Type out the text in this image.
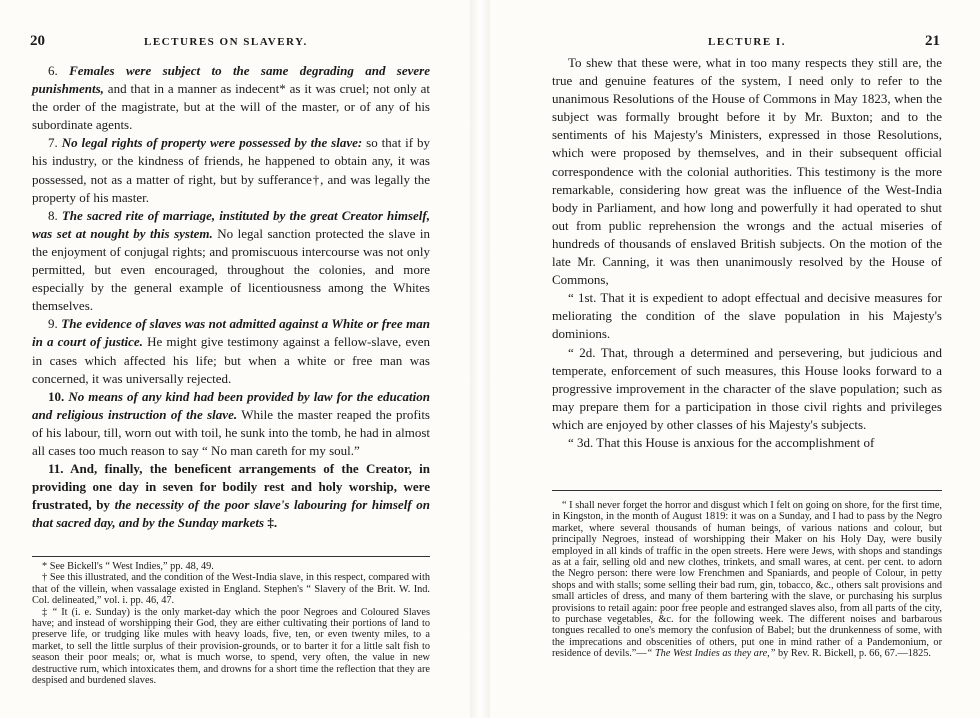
20	LECTURES ON SLAVERY.

6. Females were subject to the same degrading and severe punishments, and that in a manner as indecent* as it was cruel; not only at the order of the magistrate, but at the will of the master, or of any of his subordinate agents.

7. No legal rights of property were possessed by the slave: so that if by his industry, or the kindness of friends, he happened to obtain any, it was possessed, not as a matter of right, but by sufferance†, and was legally the property of his master.

8. The sacred rite of marriage, instituted by the great Creator himself, was set at nought by this system. No legal sanction protected the slave in the enjoyment of conjugal rights; and promiscuous intercourse was not only permitted, but even encouraged, throughout the colonies, and more especially by the general example of licentiousness among the Whites themselves.

9. The evidence of slaves was not admitted against a White or free man in a court of justice. He might give testimony against a fellow-slave, even in cases which affected his life; but when a white or free man was concerned, it was universally rejected.

10. No means of any kind had been provided by law for the education and religious instruction of the slave. While the master reaped the profits of his labour, till, worn out with toil, he sunk into the tomb, he had in almost all cases too much reason to say “ No man careth for my soul.”

11. And, finally, the beneficent arrangements of the Creator, in providing one day in seven for bodily rest and holy worship, were frustrated, by the necessity of the poor slave's labouring for himself on that sacred day, and by the Sunday markets ‡.

* See Bickell's “ West Indies,” pp. 48, 49.

† See this illustrated, and the condition of the West-India slave, in this respect, compared with that of the villein, when vassalage existed in England. Stephen's “ Slavery of the Brit. W. Ind. Col. delineated,” vol. i. pp. 46, 47.

‡ “ It (i. e. Sunday) is the only market-day which the poor Negroes and Coloured Slaves have; and instead of worshipping their God, they are either cultivating their portions of land to preserve life, or trudging like mules with heavy loads, five, ten, or even twenty miles, to a market, to sell the little surplus of their provision-grounds, or to barter it for a little salt fish to season their poor meals; or, what is much worse, to spend, very often, the value in new destructive rum, which intoxicates them, and drowns for a short time the reflection that they are despised and burdened slaves.

LECTURE I.	21

To shew that these were, what in too many respects they still are, the true and genuine features of the system, I need only to refer to the unanimous Resolutions of the House of Commons in May 1823, when the subject was formally brought before it by Mr. Buxton; and to the sentiments of his Majesty's Ministers, expressed in those Resolutions, which were proposed by themselves, and in their subsequent official correspondence with the colonial authorities. This testimony is the more remarkable, considering how great was the influence of the West-India body in Parliament, and how long and powerfully it had operated to shut out from public reprehension the wrongs and the actual miseries of hundreds of thousands of enslaved British subjects. On the motion of the late Mr. Canning, it was then unanimously resolved by the House of Commons,

“ 1st. That it is expedient to adopt effectual and decisive measures for meliorating the condition of the slave population in his Majesty's dominions.

“ 2d. That, through a determined and persevering, but judicious and temperate, enforcement of such measures, this House looks forward to a progressive improvement in the character of the slave population; such as may prepare them for a participation in those civil rights and privileges which are enjoyed by other classes of his Majesty's subjects.

“ 3d. That this House is anxious for the accomplishment of

“ I shall never forget the horror and disgust which I felt on going on shore, for the first time, in Kingston, in the month of August 1819: it was on a Sunday, and I had to pass by the Negro market, where several thousands of human beings, of various nations and colour, but principally Negroes, instead of worshipping their Maker on his Holy Day, were busily employed in all kinds of traffic in the open streets. Here were Jews, with shops and standings as at a fair, selling old and new clothes, trinkets, and small wares, at cent. per cent. to adorn the Negro person: there were low Frenchmen and Spaniards, and people of Colour, in petty shops and with stalls; some selling their bad rum, gin, tobacco, &c., others salt provisions and small articles of dress, and many of them bartering with the slave, or purchasing his surplus provisions to retail again: poor free people and estranged slaves also, from all parts of the city, to purchase vegetables, &c. for the following week. The different noises and barbarous tongues recalled to one's memory the confusion of Babel; but the drunkenness of some, with the imprecations and obscenities of others, put one in mind rather of a Pandemonium, or residence of devils.”—“ The West Indies as they are,” by Rev. R. Bickell, p. 66, 67.—1825.
